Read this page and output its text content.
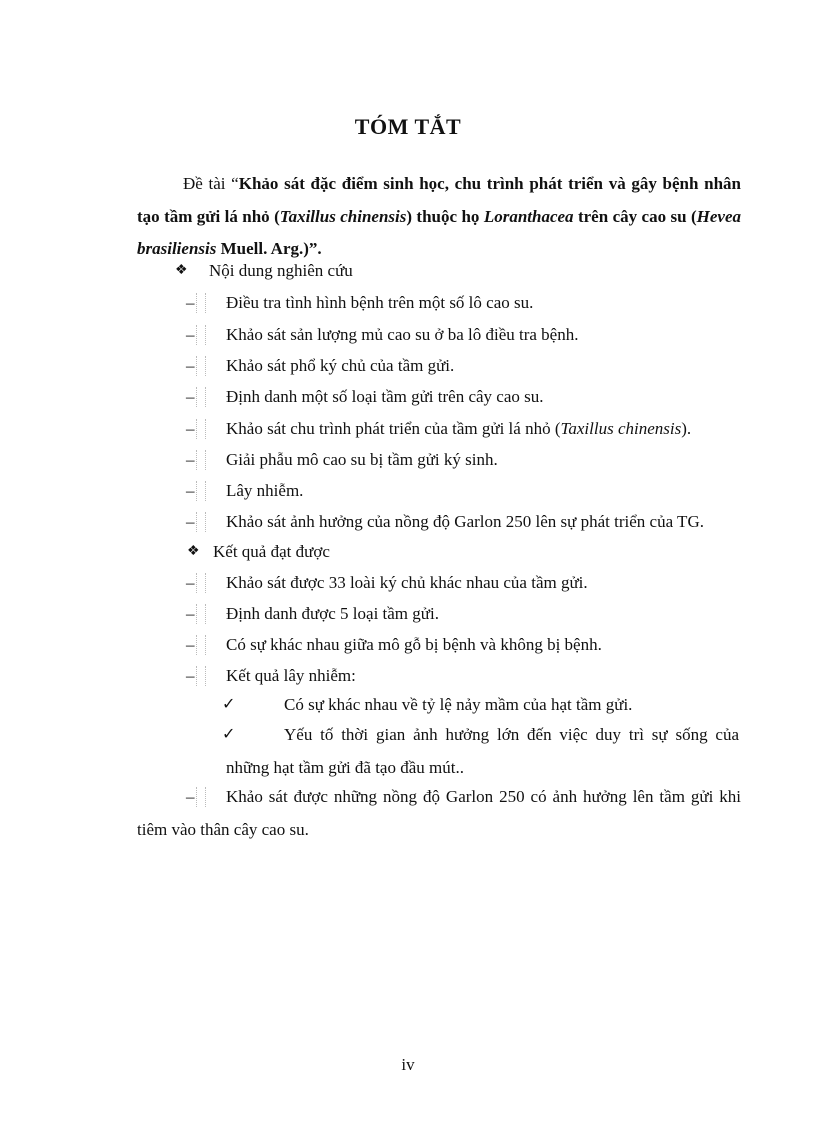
TÓM TẮT
Đề tài “Khảo sát đặc điểm sinh học, chu trình phát triển và gây bệnh nhân tạo tầm gửi lá nhỏ (Taxillus chinensis) thuộc họ Loranthacea trên cây cao su (Hevea brasiliensis Muell. Arg.)”.
❖ Nội dung nghiên cứu
– Điều tra tình hình bệnh trên một số lô cao su.
– Khảo sát sản lượng mủ cao su ở ba lô điều tra bệnh.
– Khảo sát phổ ký chủ của tầm gửi.
– Định danh một số loại tầm gửi trên cây cao su.
– Khảo sát chu trình phát triển của tầm gửi lá nhỏ (Taxillus chinensis).
– Giải phẫu mô cao su bị tầm gửi ký sinh.
– Lây nhiễm.
– Khảo sát ảnh hưởng của nồng độ Garlon 250 lên sự phát triển của TG.
❖ Kết quả đạt được
– Khảo sát được 33 loài ký chủ khác nhau của tầm gửi.
– Định danh được 5 loại tầm gửi.
– Có sự khác nhau giữa mô gỗ bị bệnh và không bị bệnh.
– Kết quả lây nhiễm:
✓	Có sự khác nhau về tỷ lệ nảy mầm của hạt tầm gửi.
✓	Yếu tố thời gian ảnh hưởng lớn đến việc duy trì sự sống của những hạt tầm gửi đã tạo đầu mút..
–	Khảo sát được những nồng độ Garlon 250 có ảnh hưởng lên tầm gửi khi tiêm vào thân cây cao su.
iv
